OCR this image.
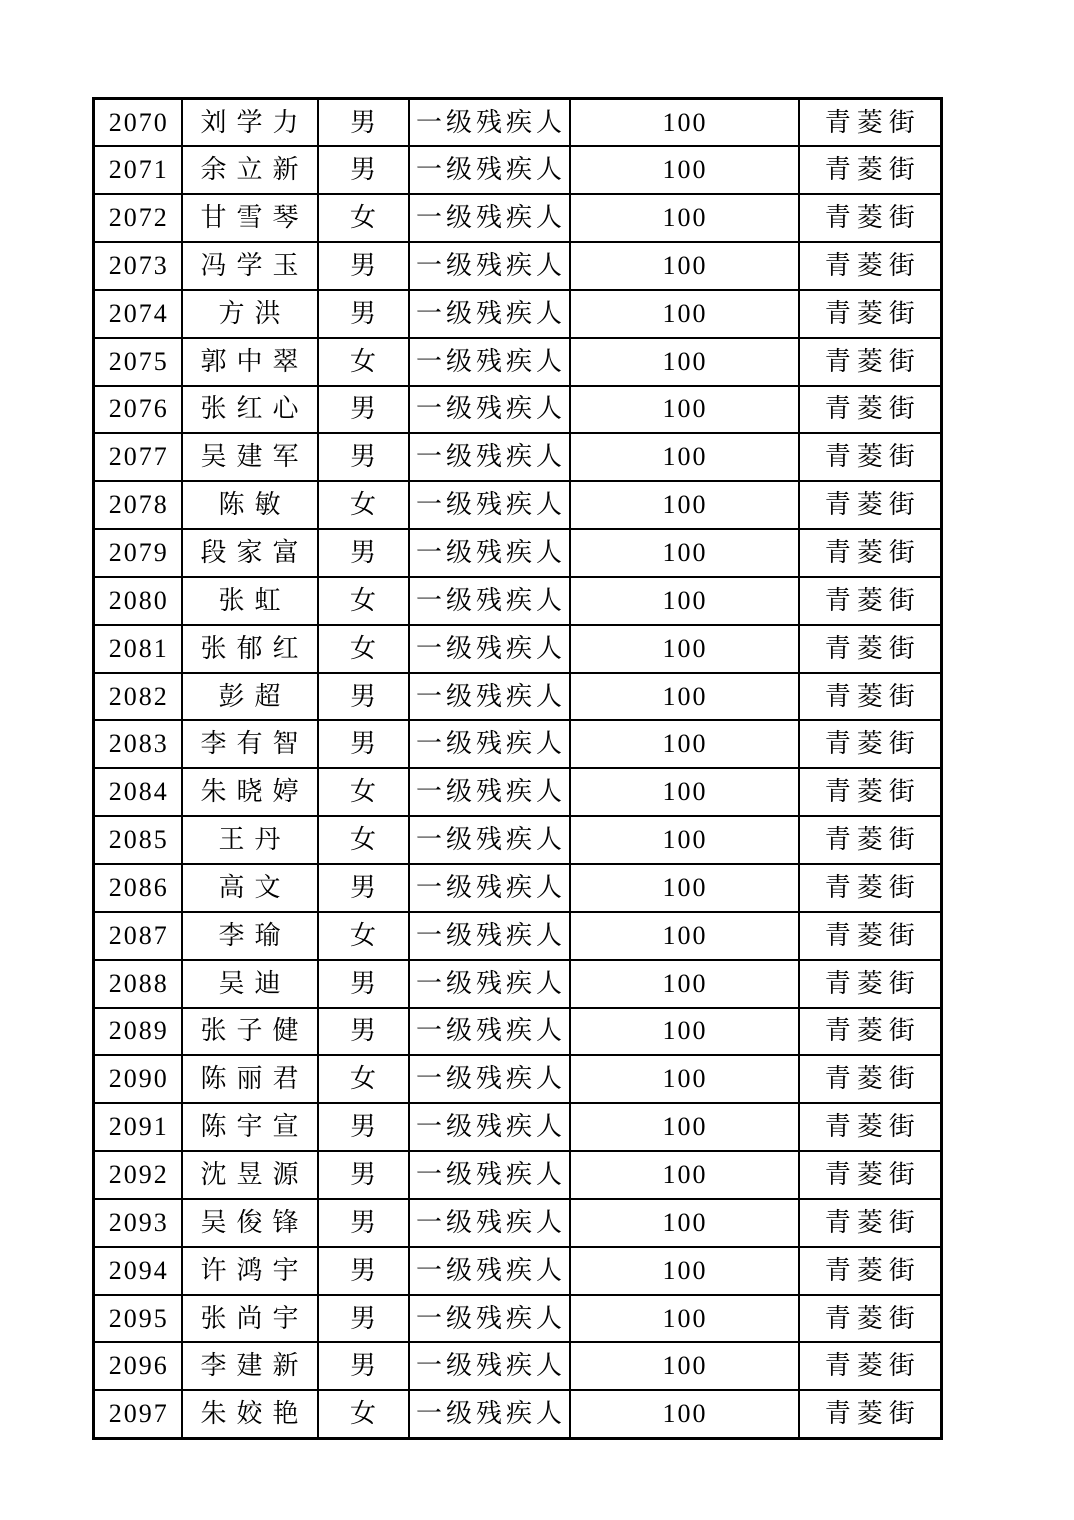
2070	刘学力	男	一级残疾人	100	青菱街
2071	余立新	男	一级残疾人	100	青菱街
2072	甘雪琴	女	一级残疾人	100	青菱街
2073	冯学玉	男	一级残疾人	100	青菱街
2074	方洪	男	一级残疾人	100	青菱街
2075	郭中翠	女	一级残疾人	100	青菱街
2076	张红心	男	一级残疾人	100	青菱街
2077	吴建军	男	一级残疾人	100	青菱街
2078	陈敏	女	一级残疾人	100	青菱街
2079	段家富	男	一级残疾人	100	青菱街
2080	张虹	女	一级残疾人	100	青菱街
2081	张郁红	女	一级残疾人	100	青菱街
2082	彭超	男	一级残疾人	100	青菱街
2083	李有智	男	一级残疾人	100	青菱街
2084	朱晓婷	女	一级残疾人	100	青菱街
2085	王丹	女	一级残疾人	100	青菱街
2086	高文	男	一级残疾人	100	青菱街
2087	李瑜	女	一级残疾人	100	青菱街
2088	吴迪	男	一级残疾人	100	青菱街
2089	张子健	男	一级残疾人	100	青菱街
2090	陈丽君	女	一级残疾人	100	青菱街
2091	陈宇宣	男	一级残疾人	100	青菱街
2092	沈昱源	男	一级残疾人	100	青菱街
2093	吴俊锋	男	一级残疾人	100	青菱街
2094	许鸿宇	男	一级残疾人	100	青菱街
2095	张尚宇	男	一级残疾人	100	青菱街
2096	李建新	男	一级残疾人	100	青菱街
2097	朱姣艳	女	一级残疾人	100	青菱街
